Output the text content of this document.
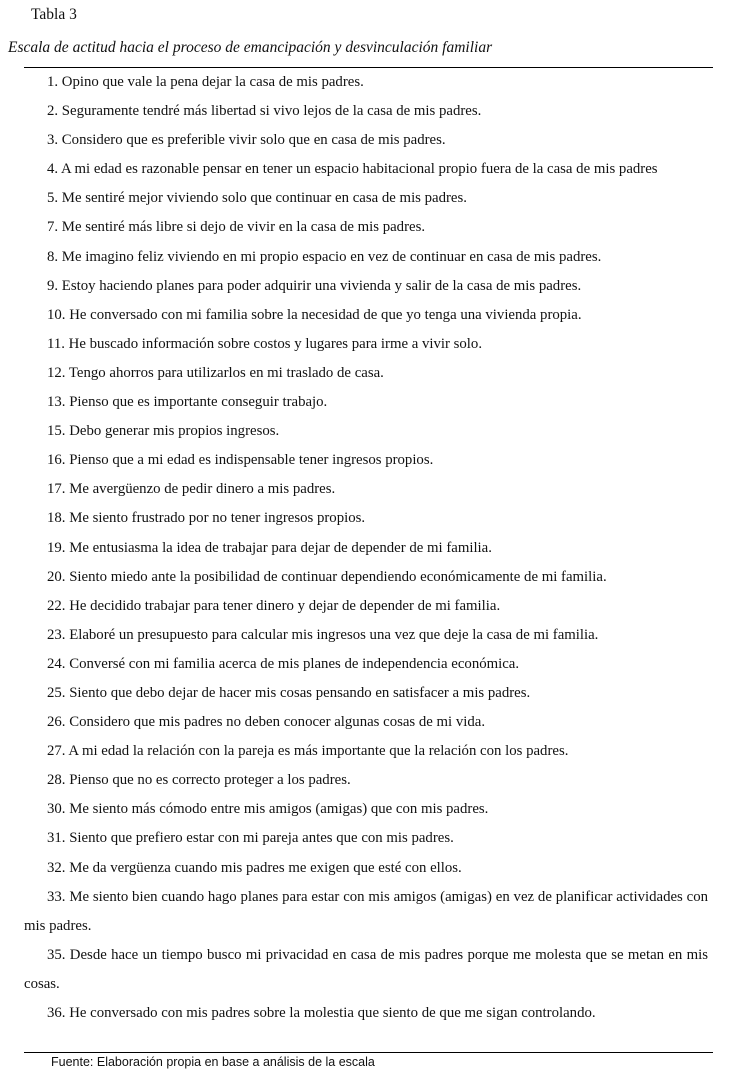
Tabla 3
Escala de actitud hacia el proceso de emancipación y desvinculación familiar
1. Opino que vale la pena dejar la casa de mis padres.
2. Seguramente tendré más libertad si vivo lejos de la casa de mis padres.
3. Considero que es preferible vivir solo que en casa de mis padres.
4. A mi edad es razonable pensar en tener un espacio habitacional propio fuera de la casa de mis padres
5. Me sentiré mejor viviendo solo que continuar en casa de mis padres.
7. Me sentiré más libre si dejo de vivir en la casa de mis padres.
8. Me imagino feliz viviendo en mi propio espacio en vez de continuar en casa de mis padres.
9. Estoy haciendo planes para poder adquirir una vivienda y salir de la casa de mis padres.
10. He conversado con mi familia sobre la necesidad de que yo tenga una vivienda propia.
11. He buscado información sobre costos y lugares para irme a vivir solo.
12. Tengo ahorros para utilizarlos en mi traslado de casa.
13. Pienso que es importante conseguir trabajo.
15. Debo generar mis propios ingresos.
16. Pienso que a mi edad es indispensable tener ingresos propios.
17. Me avergüenzo de pedir dinero a mis padres.
18. Me siento frustrado por no tener ingresos propios.
19. Me entusiasma la idea de trabajar para dejar de depender de mi familia.
20. Siento miedo ante la posibilidad de continuar dependiendo económicamente de mi familia.
22. He decidido trabajar para tener dinero y dejar de depender de mi familia.
23. Elaboré un presupuesto para calcular mis ingresos una vez que deje la casa de mi familia.
24. Conversé con mi familia acerca de mis planes de independencia económica.
25. Siento que debo dejar de hacer mis cosas pensando en satisfacer a mis padres.
26. Considero que mis padres no deben conocer algunas cosas de mi vida.
27. A mi edad la relación con la pareja es más importante que la relación con los padres.
28. Pienso que no es correcto proteger a los padres.
30. Me siento más cómodo entre mis amigos (amigas) que con mis padres.
31. Siento que prefiero estar con mi pareja antes que con mis padres.
32. Me da vergüenza cuando mis padres me exigen que esté con ellos.
33. Me siento bien cuando hago planes para estar con mis amigos (amigas) en vez de planificar actividades con mis padres.
35. Desde hace un tiempo busco mi privacidad en casa de mis padres porque me molesta que se metan en mis cosas.
36. He conversado con mis padres sobre la molestia que siento de que me sigan controlando.
Fuente: Elaboración propia en base a análisis de la escala
